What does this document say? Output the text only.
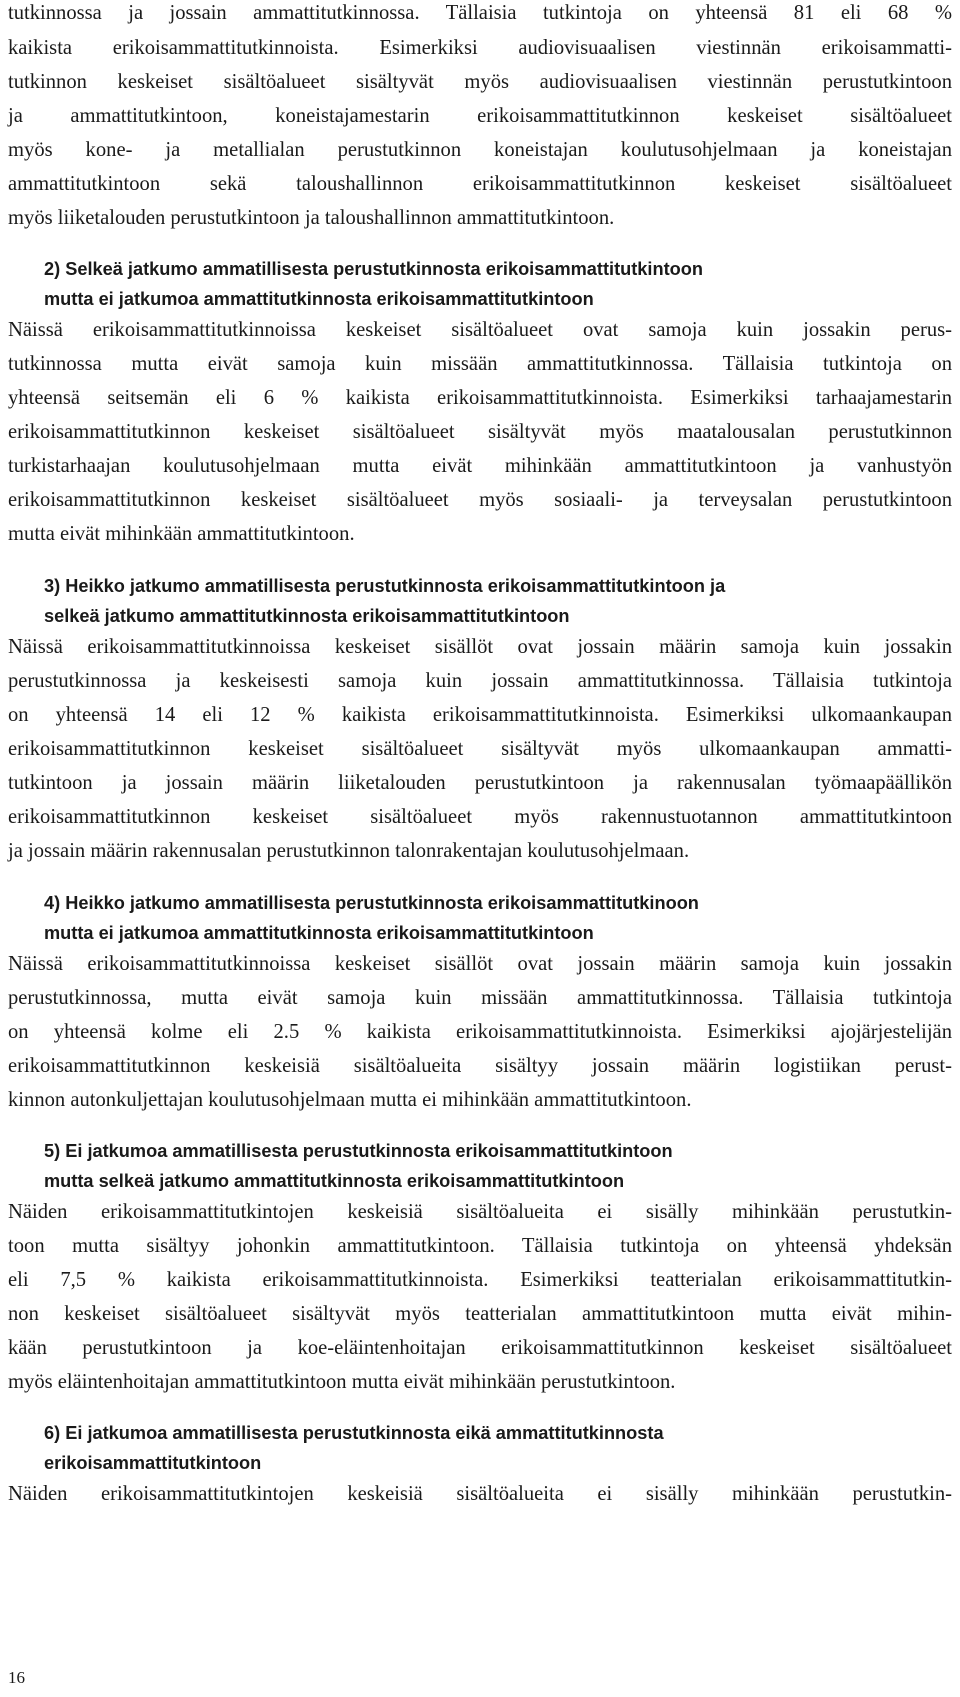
tutkinnossa ja jossain ammattitutkinnossa. Tällaisia tutkintoja on yhteensä 81 eli 68 %
kaikista erikoisammattitutkinnoista. Esimerkiksi audiovisuaalisen viestinnän erikoisammatti-
tutkinnon keskeiset sisältöalueet sisältyvät myös audiovisuaalisen viestinnän perustutkintoon
ja ammattitutkintoon, koneistajamestarin erikoisammattitutkinnon keskeiset sisältöalueet
myös kone- ja metallialan perustutkinnon koneistajan koulutusohjelmaan ja koneistajan
ammattitutkintoon sekä taloushallinnon erikoisammattitutkinnon keskeiset sisältöalueet
myös liiketalouden perustutkintoon ja taloushallinnon ammattitutkintoon.
2) Selkeä jatkumo ammatillisesta perustutkinnosta erikoisammattitutkintoon
mutta ei jatkumoa ammattitutkinnosta erikoisammattitutkintoon
Näissä erikoisammattitutkinnoissa keskeiset sisältöalueet ovat samoja kuin jossakin perus-
tutkinnossa mutta eivät samoja kuin missään ammattitutkinnossa. Tällaisia tutkintoja on
yhteensä seitsemän eli 6 % kaikista erikoisammattitutkinnoista. Esimerkiksi tarhaajamestarin
erikoisammattitutkinnon keskeiset sisältöalueet sisältyvät myös maatalousalan perustutkinnon
turkistarhaajan koulutusohjelmaan mutta eivät mihinkään ammattitutkintoon ja vanhustyön
erikoisammattitutkinnon keskeiset sisältöalueet myös sosiaali- ja terveysalan perustutkintoon
mutta eivät mihinkään ammattitutkintoon.
3) Heikko jatkumo ammatillisesta perustutkinnosta erikoisammattitutkintoon ja
selkeä jatkumo ammattitutkinnosta erikoisammattitutkintoon
Näissä erikoisammattitutkinnoissa keskeiset sisällöt ovat jossain määrin samoja kuin jossakin
perustutkinnossa ja keskeisesti samoja kuin jossain ammattitutkinnossa. Tällaisia tutkintoja
on yhteensä 14 eli 12 % kaikista erikoisammattitutkinnoista. Esimerkiksi ulkomaankaupan
erikoisammattitutkinnon keskeiset sisältöalueet sisältyvät myös ulkomaankaupan ammatti-
tutkintoon ja jossain määrin liiketalouden perustutkintoon ja rakennusalan työmaapäällikön
erikoisammattitutkinnon keskeiset sisältöalueet myös rakennustuotannon ammattitutkintoon
ja jossain määrin rakennusalan perustutkinnon talonrakentajan koulutusohjelmaan.
4) Heikko jatkumo ammatillisesta perustutkinnosta erikoisammattitutkinoon
mutta ei jatkumoa ammattitutkinnosta erikoisammattitutkintoon
Näissä erikoisammattitutkinnoissa keskeiset sisällöt ovat jossain määrin samoja kuin jossakin
perustutkinnossa, mutta eivät samoja kuin missään ammattitutkinnossa. Tällaisia tutkintoja
on yhteensä kolme eli 2.5 % kaikista erikoisammattitutkinnoista. Esimerkiksi ajojärjestelijän
erikoisammattitutkinnon keskeisiä sisältöalueita sisältyy jossain määrin logistiikan perust-
kinnon autonkuljettajan koulutusohjelmaan mutta ei mihinkään ammattitutkintoon.
5) Ei jatkumoa ammatillisesta perustutkinnosta erikoisammattitutkintoon
mutta selkeä jatkumo ammattitutkinnosta erikoisammattitutkintoon
Näiden erikoisammattitutkintojen keskeisiä sisältöalueita ei sisälly mihinkään perustutkin-
toon mutta sisältyy johonkin ammattitutkintoon. Tällaisia tutkintoja on yhteensä yhdeksän
eli 7,5 % kaikista erikoisammattitutkinnoista. Esimerkiksi teatterialan erikoisammattitutkin-
non keskeiset sisältöalueet sisältyvät myös teatterialan ammattitutkintoon mutta eivät mihin-
kään perustutkintoon ja koe-eläintenhoitajan erikoisammattitutkinnon keskeiset sisältöalueet
myös eläintenhoitajan ammattitutkintoon mutta eivät mihinkään perustutkintoon.
6) Ei jatkumoa ammatillisesta perustutkinnosta eikä ammattitutkinnosta
erikoisammattitutkintoon
Näiden erikoisammattitutkintojen keskeisiä sisältöalueita ei sisälly mihinkään perustutkin-
16
